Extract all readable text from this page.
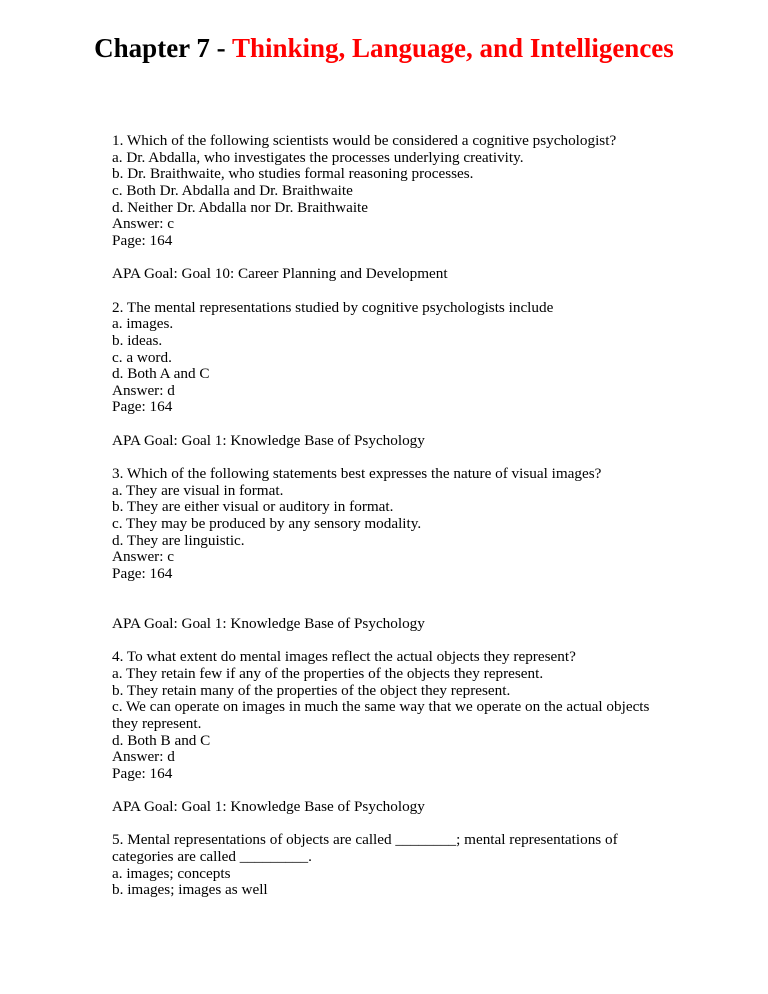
Chapter 7 - Thinking, Language, and Intelligences
1. Which of the following scientists would be considered a cognitive psychologist?
a. Dr. Abdalla, who investigates the processes underlying creativity.
b. Dr. Braithwaite, who studies formal reasoning processes.
c. Both Dr. Abdalla and Dr. Braithwaite
d. Neither Dr. Abdalla nor Dr. Braithwaite
Answer: c
Page: 164
APA Goal: Goal 10: Career Planning and Development
2. The mental representations studied by cognitive psychologists include
a. images.
b. ideas.
c. a word.
d. Both A and C
Answer: d
Page: 164
APA Goal: Goal 1: Knowledge Base of Psychology
3. Which of the following statements best expresses the nature of visual images?
a. They are visual in format.
b. They are either visual or auditory in format.
c. They may be produced by any sensory modality.
d. They are linguistic.
Answer: c
Page: 164
APA Goal: Goal 1: Knowledge Base of Psychology
4. To what extent do mental images reflect the actual objects they represent?
a. They retain few if any of the properties of the objects they represent.
b. They retain many of the properties of the object they represent.
c. We can operate on images in much the same way that we operate on the actual objects
they represent.
d. Both B and C
Answer: d
Page: 164
APA Goal: Goal 1: Knowledge Base of Psychology
5. Mental representations of objects are called ________; mental representations of
categories are called _________.
a. images; concepts
b. images; images as well
